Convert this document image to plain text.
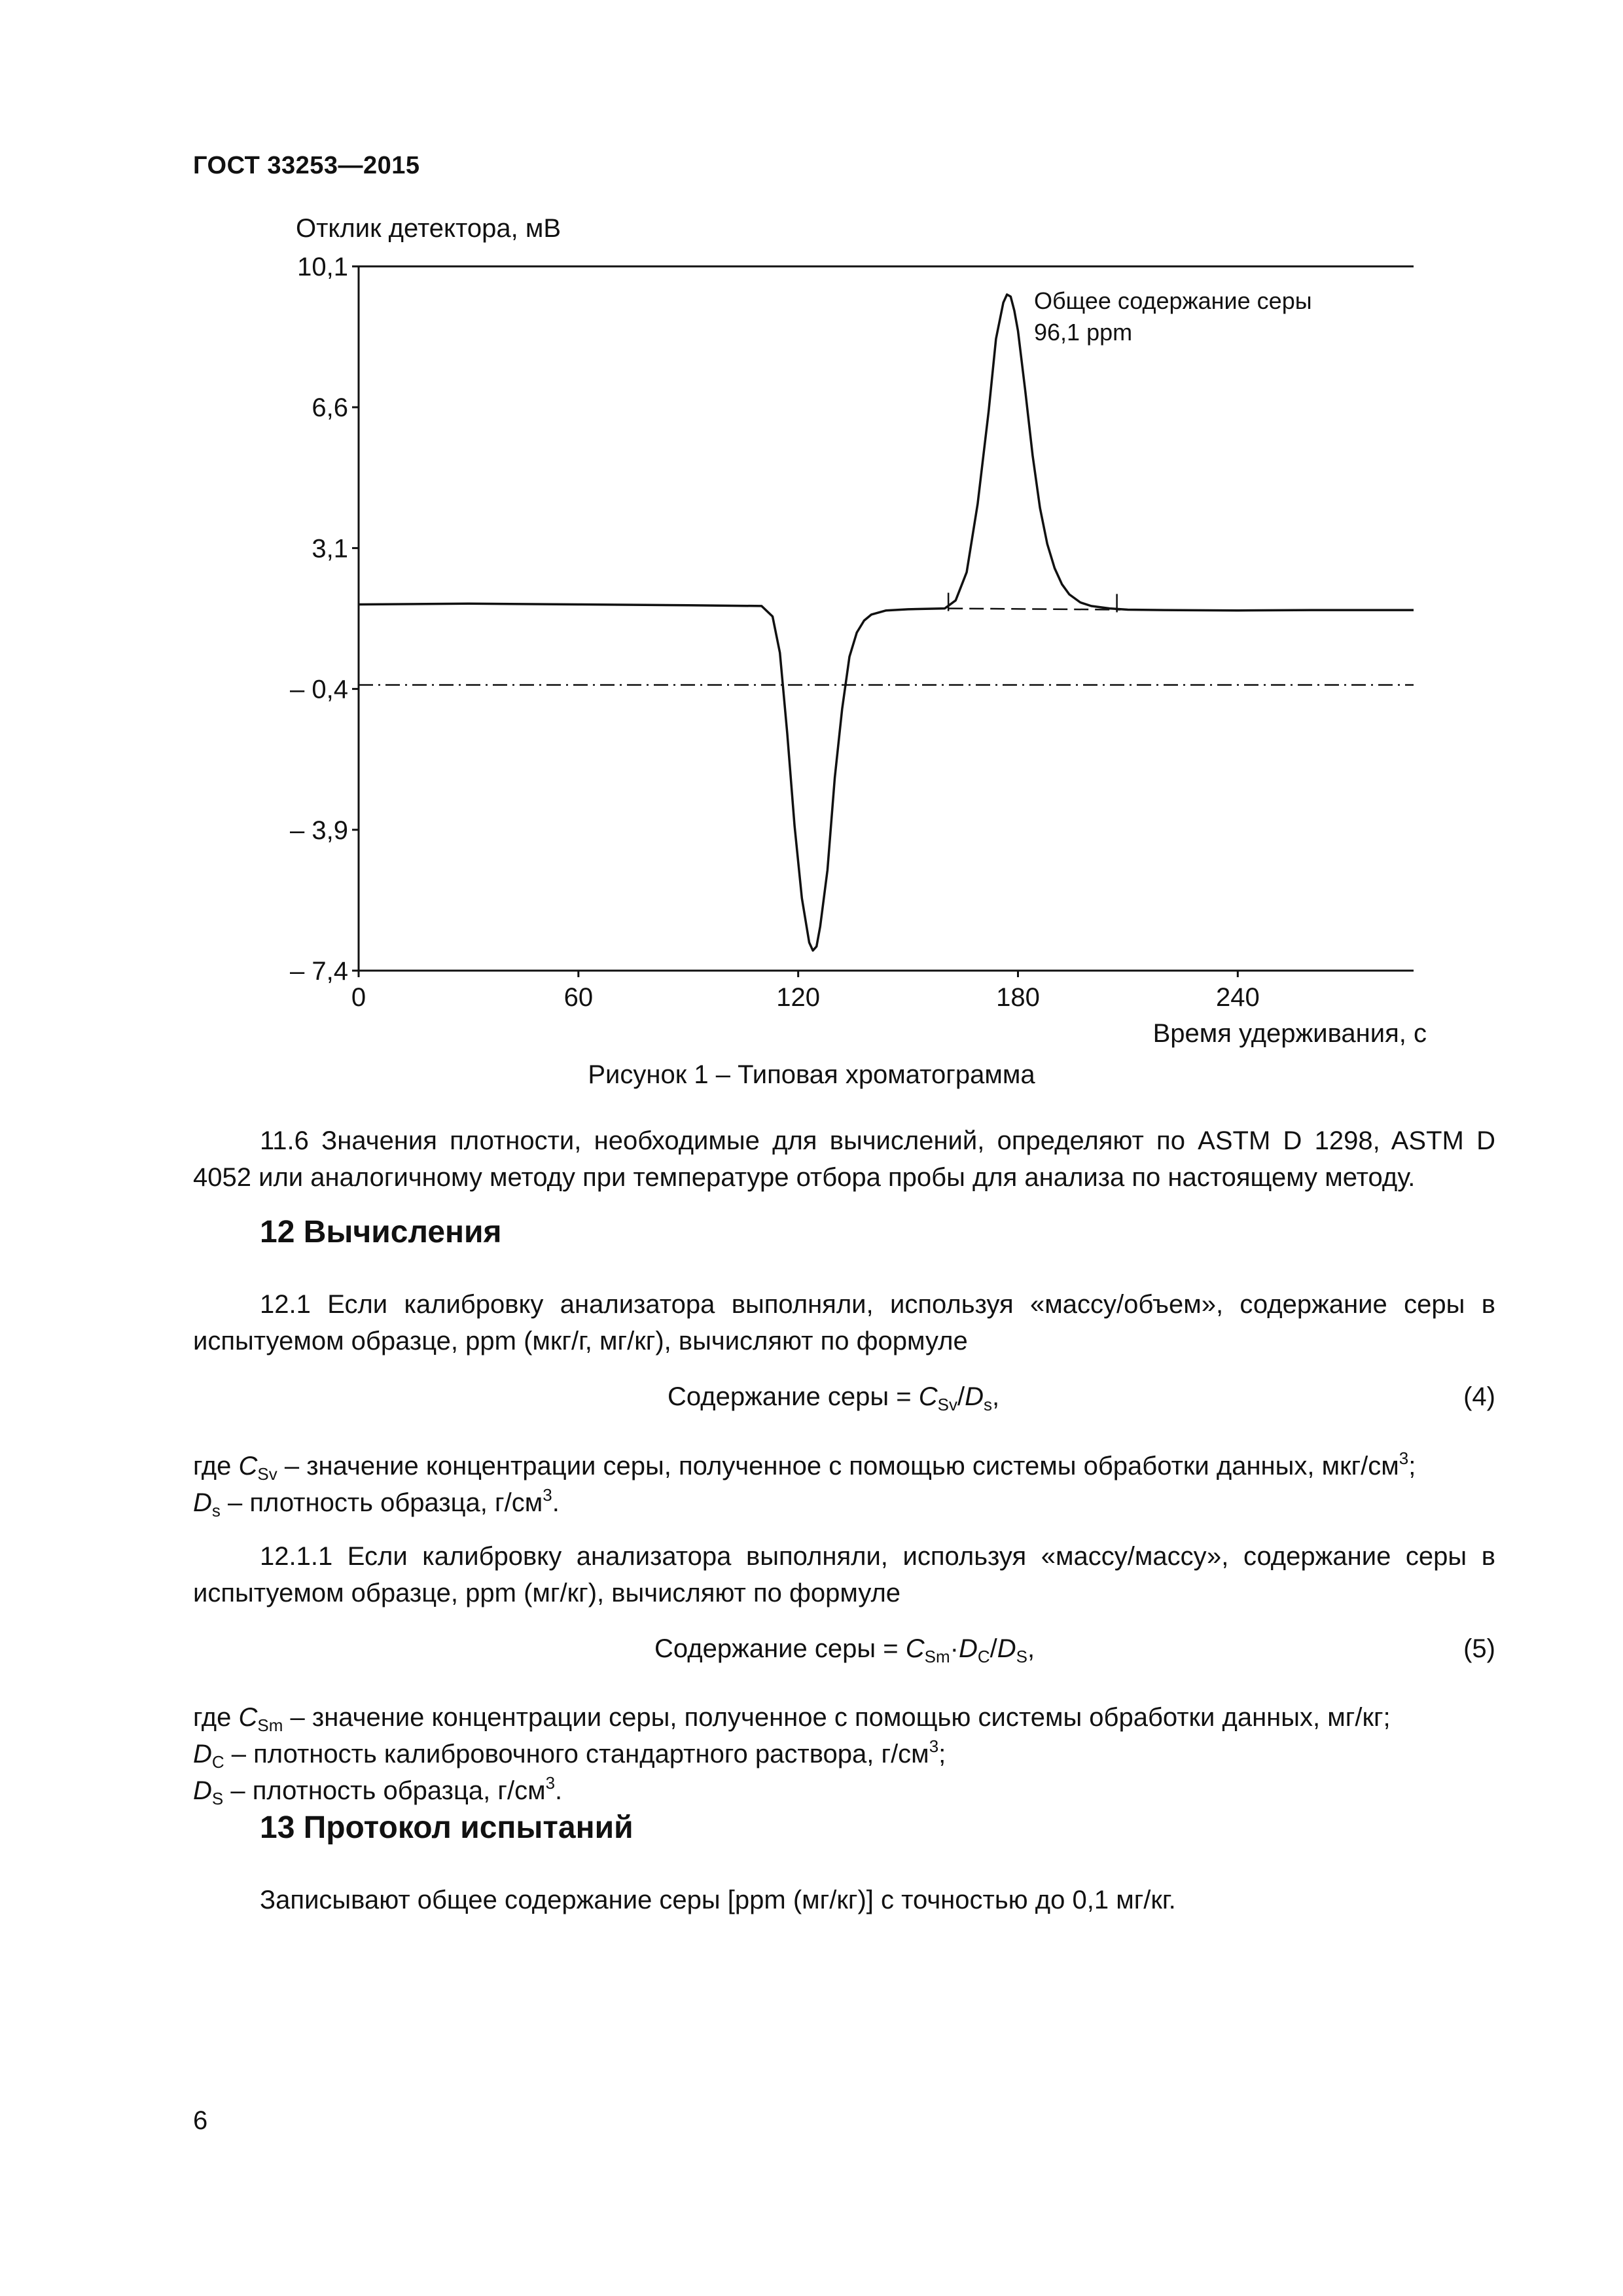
ГОСТ 33253—2015
Отклик детектора, мВ
10,1
6,6
3,1
– 0,4
– 3,9
– 7,4
0	60	120	180	240
Общее содержание серы
96,1 ppm
Время удерживания, с
Рисунок 1 – Типовая хроматограмма
11.6 Значения плотности, необходимые для вычислений, определяют по ASTM D 1298, ASTM D 4052 или аналогичному методу при температуре отбора пробы для анализа по настоящему методу.
12 Вычисления
12.1 Если калибровку анализатора выполняли, используя «массу/объем», содержание серы в испытуемом образце, ppm (мкг/г, мг/кг), вычисляют по формуле
Содержание серы = $C_{Sv}/D_s$,	(4)
где $C_{Sv}$ – значение концентрации серы, полученное с помощью системы обработки данных, мкг/$см^3$;
$D_s$ – плотность образца, $г/см^3$.
12.1.1 Если калибровку анализатора выполняли, используя «массу/массу», содержание серы в испытуемом образце, ppm (мг/кг), вычисляют по формуле
Содержание серы = $C_{Sm}\cdot D_C/D_S$,	(5)
где $C_{Sm}$ – значение концентрации серы, полученное с помощью системы обработки данных, мг/кг;
$D_C$ – плотность калибровочного стандартного раствора, $г/см^3$;
$D_S$ – плотность образца, $г/см^3$.
13 Протокол испытаний
Записывают общее содержание серы [ppm (мг/кг)] с точностью до 0,1 мг/кг.
6
